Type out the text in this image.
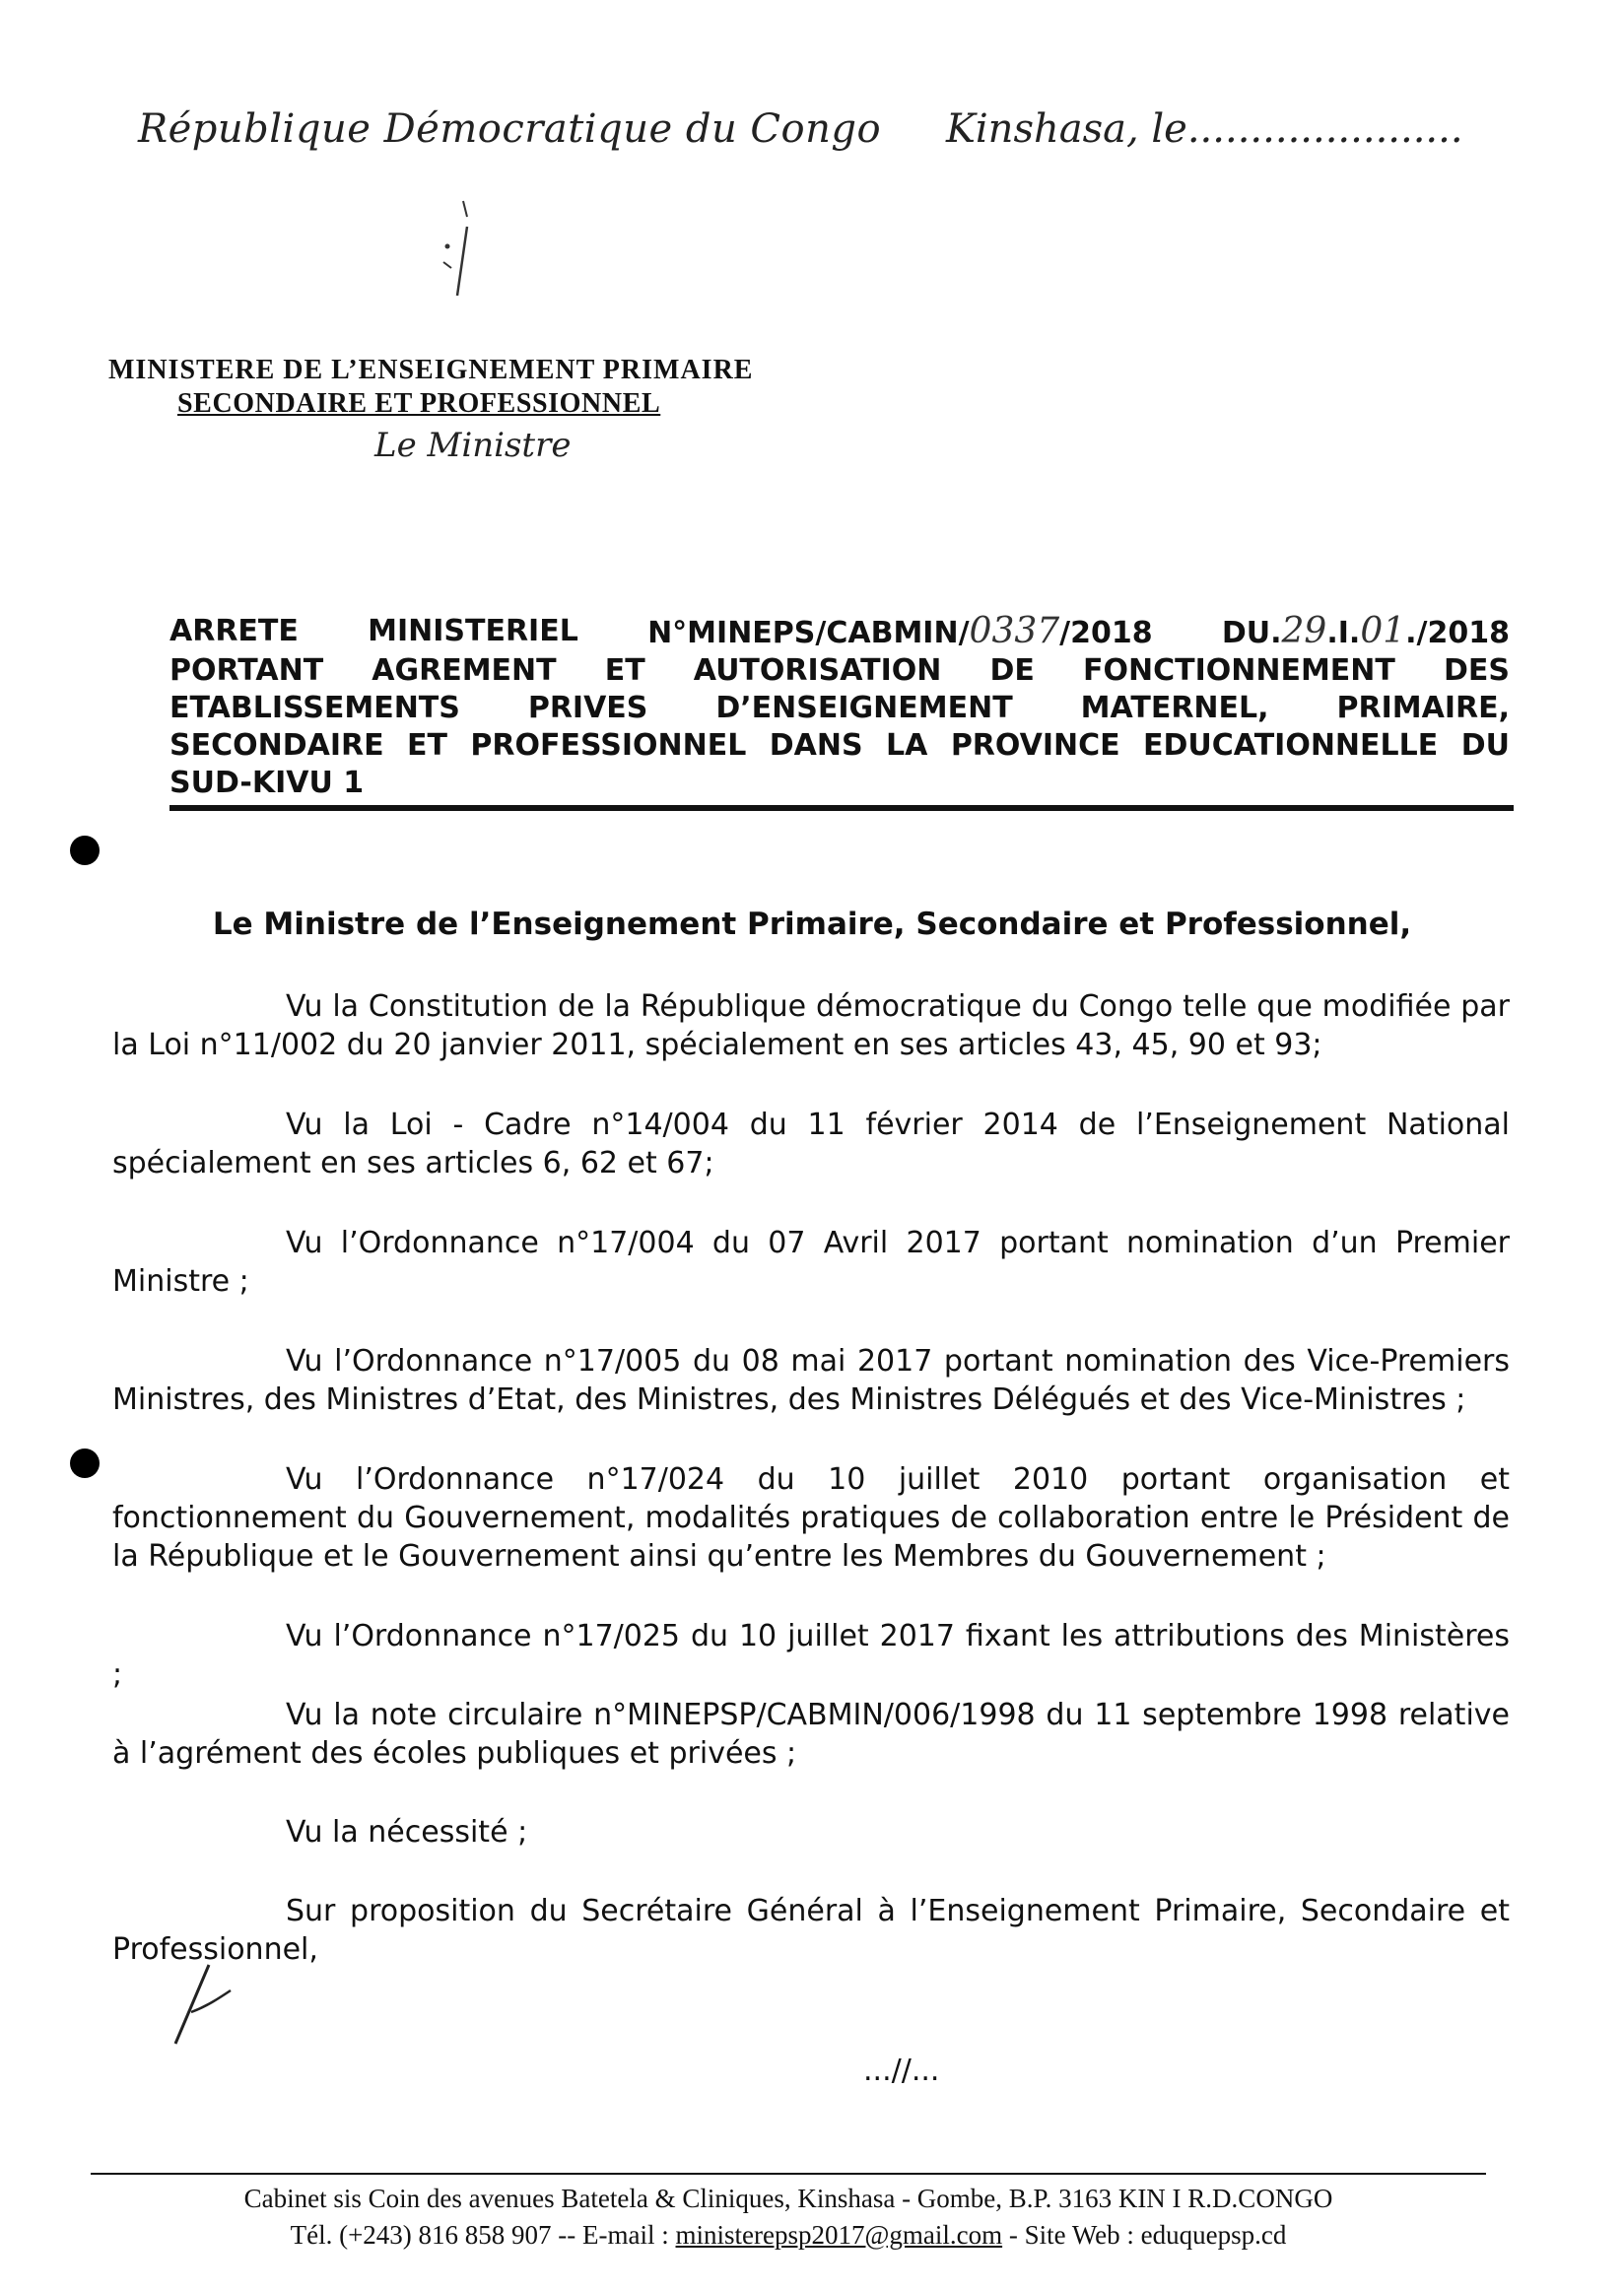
République Démocratique du Congo Kinshasa, le......................
MINISTERE DE L’ENSEIGNEMENT PRIMAIRE
SECONDAIRE ET PROFESSIONNEL
Le Ministre
ARRETE MINISTERIEL N°MINEPS/CABMIN/0337/2018 DU.29.I.01./2018
PORTANT AGREMENT ET AUTORISATION DE FONCTIONNEMENT DES
ETABLISSEMENTS PRIVES D’ENSEIGNEMENT MATERNEL, PRIMAIRE,
SECONDAIRE ET PROFESSIONNEL DANS LA PROVINCE EDUCATIONNELLE DU
SUD-KIVU 1
Le Ministre de l’Enseignement Primaire, Secondaire et Professionnel,
Vu la Constitution de la République démocratique du Congo telle que modifiée par la Loi n°11/002 du 20 janvier 2011, spécialement en ses articles 43, 45, 90 et 93;
Vu la Loi - Cadre n°14/004 du 11 février 2014 de l’Enseignement National spécialement en ses articles 6, 62 et 67;
Vu l’Ordonnance n°17/004 du 07 Avril 2017 portant nomination d’un Premier Ministre ;
Vu l’Ordonnance n°17/005 du 08 mai 2017 portant nomination des Vice-Premiers Ministres, des Ministres d’Etat, des Ministres, des Ministres Délégués et des Vice-Ministres ;
Vu l’Ordonnance n°17/024 du 10 juillet 2010 portant organisation et fonctionnement du Gouvernement, modalités pratiques de collaboration entre le Président de la République et le Gouvernement ainsi qu’entre les Membres du Gouvernement ;
Vu l’Ordonnance n°17/025 du 10 juillet 2017 fixant les attributions des Ministères ;
Vu la note circulaire n°MINEPSP/CABMIN/006/1998 du 11 septembre 1998 relative à l’agrément des écoles publiques et privées ;
Vu la nécessité ;
Sur proposition du Secrétaire Général à l’Enseignement Primaire, Secondaire et Professionnel,
...//...
Cabinet sis Coin des avenues Batetela & Cliniques, Kinshasa - Gombe, B.P. 3163 KIN I R.D.CONGO
Tél. (+243) 816 858 907 -- E-mail : ministerepsp2017@gmail.com - Site Web : eduquepsp.cd
